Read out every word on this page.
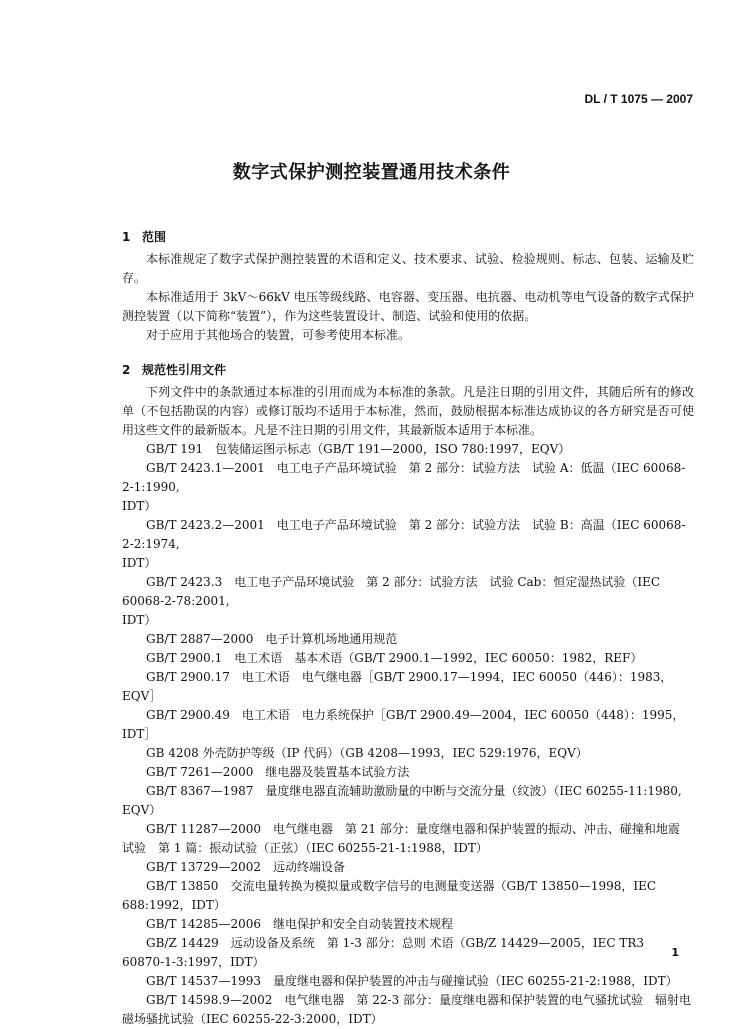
DL / T 1075 — 2007
数字式保护测控装置通用技术条件
1 范围

本标准规定了数字式保护测控装置的术语和定义、技术要求、试验、检验规则、标志、包装、运输及贮存。

本标准适用于 3kV～66kV 电压等级线路、电容器、变压器、电抗器、电动机等电气设备的数字式保护测控装置（以下简称“装置”），作为这些装置设计、制造、试验和使用的依据。

对于应用于其他场合的装置，可参考使用本标准。

2 规范性引用文件

下列文件中的条款通过本标准的引用而成为本标准的条款。凡是注日期的引用文件，其随后所有的修改单（不包括勘误的内容）或修订版均不适用于本标准，然而，鼓励根据本标准达成协议的各方研究是否可使用这些文件的最新版本。凡是不注日期的引用文件，其最新版本适用于本标准。

GB/T 191　包装储运图示标志（GB/T 191—2000，ISO 780:1997，EQV）
GB/T 2423.1—2001　电工电子产品环境试验　第 2 部分：试验方法　试验 A：低温（IEC 60068-2-1:1990,
IDT）
GB/T 2423.2—2001　电工电子产品环境试验　第 2 部分：试验方法　试验 B：高温（IEC 60068-2-2:1974,
IDT）
GB/T 2423.3　电工电子产品环境试验　第 2 部分：试验方法　试验 Cab：恒定湿热试验（IEC 60068-2-78:2001,
IDT）
GB/T 2887—2000　电子计算机场地通用规范
GB/T 2900.1　电工术语　基本术语（GB/T 2900.1—1992，IEC 60050：1982，REF）
GB/T 2900.17　电工术语　电气继电器［GB/T 2900.17—1994，IEC 60050（446）：1983，EQV］
GB/T 2900.49　电工术语　电力系统保护［GB/T 2900.49—2004，IEC 60050（448）：1995，IDT］
GB 4208 外壳防护等级（IP 代码）（GB 4208—1993，IEC 529:1976，EQV）
GB/T 7261—2000　继电器及装置基本试验方法
GB/T 8367—1987　量度继电器直流辅助激励量的中断与交流分量（纹波）（IEC 60255-11:1980,
EQV）
GB/T 11287—2000　电气继电器　第 21 部分：量度继电器和保护装置的振动、冲击、碰撞和地震
试验　第 1 篇：振动试验（正弦）（IEC 60255-21-1:1988，IDT）
GB/T 13729—2002　远动终端设备
GB/T 13850　交流电量转换为模拟量或数字信号的电测量变送器（GB/T 13850—1998，IEC
688:1992，IDT）
GB/T 14285—2006　继电保护和安全自动装置技术规程
GB/Z 14429　远动设备及系统　第 1-3 部分：总则 术语（GB/Z 14429—2005，IEC TR3
60870-1-3:1997，IDT）
GB/T 14537—1993　量度继电器和保护装置的冲击与碰撞试验（IEC 60255-21-2:1988，IDT）
GB/T 14598.9—2002　电气继电器　第 22-3 部分：量度继电器和保护装置的电气骚扰试验　辐射电
磁场骚扰试验（IEC 60255-22-3:2000，IDT）
1
